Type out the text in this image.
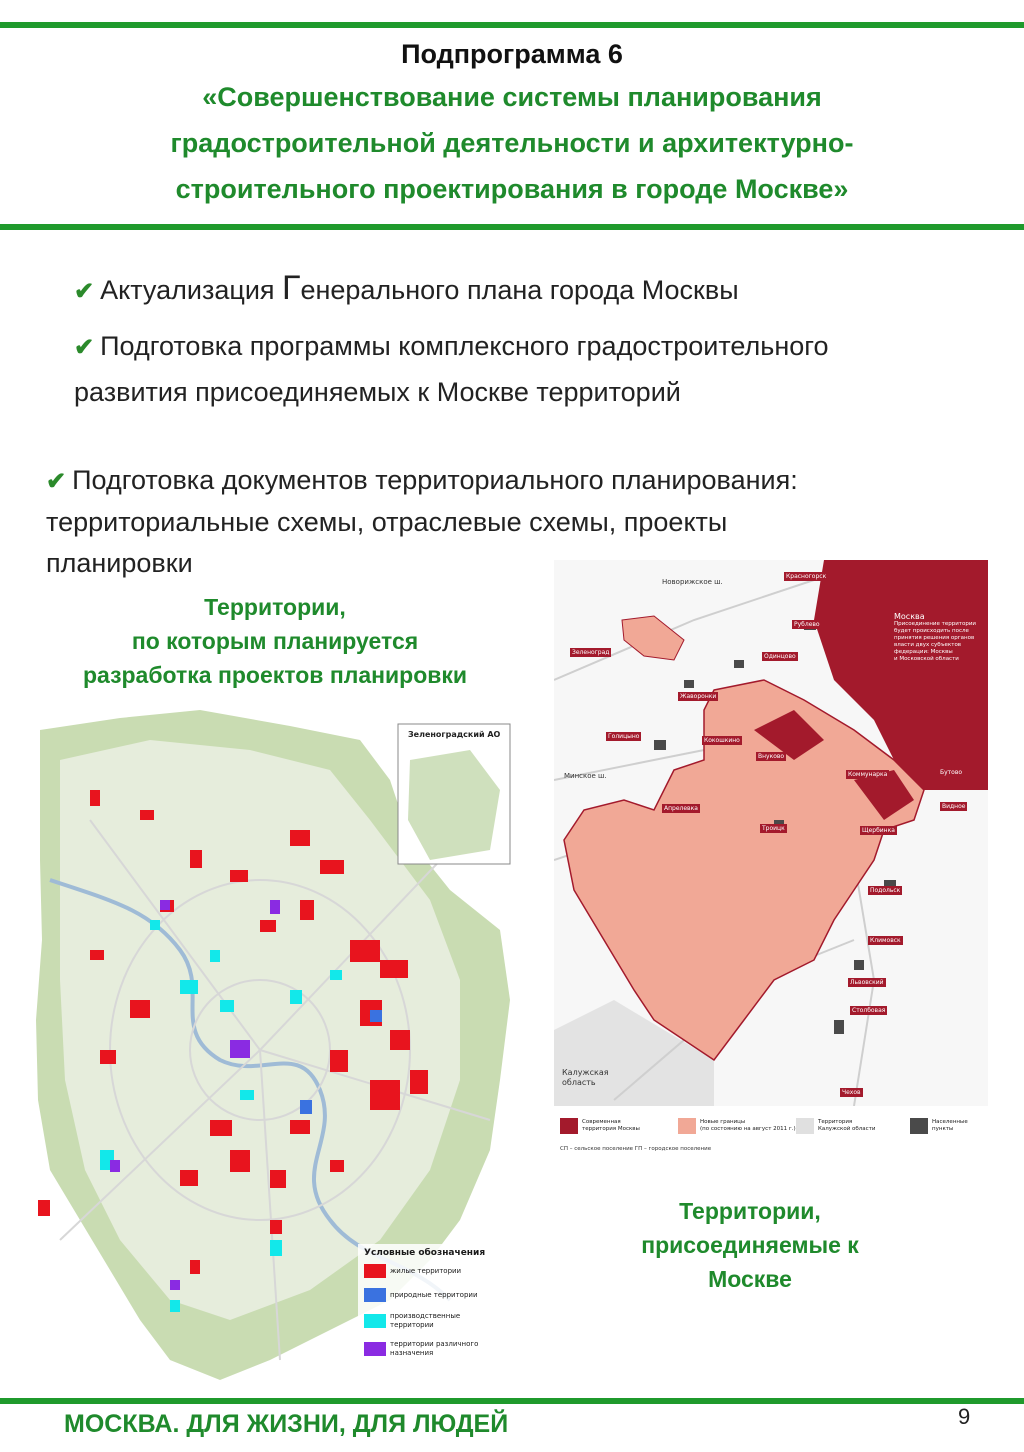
Подпрограмма 6
«Совершенствование системы планирования
градостроительной деятельности и архитектурно-
строительного проектирования в городе Москве»
✔ Актуализация Генерального плана города Москвы
✔ Подготовка программы комплексного градостроительного
развития присоединяемых к Москве территорий
✔ Подготовка документов территориального планирования:
территориальные схемы, отраслевые схемы, проекты
планировки
Территории,
по которым планируется
разработка проектов планировки
Зеленоградский АО
Условные обозначения
жилые территории
природные территории
производственные
территории
территории различного
назначения
Минское ш.
Новорижское ш.
Москва
Присоединение территории
будет происходить после
принятия решения органов
власти двух субъектов
федерации: Москвы
и Московской области
Калужская
область
Красногорск
Зеленоград
Рублево
Одинцово
Жаворонки
Голицыно
Внуково
Коммунарка
Апрелевка
Троицк	Щербинка
Видное
Подольск
Климовск
Львовский
Столбовая
Чехов
Кокошкино
Бутово
Современная
территория Москвы
Новые границы
(по состоянию на август 2011 г.)
Территория
Калужской области
Населенные
пункты
СП – сельское поселение ГП – городское поселение
Территории,
присоединяемые к
Москве
МОСКВА. ДЛЯ ЖИЗНИ, ДЛЯ ЛЮДЕЙ	9
